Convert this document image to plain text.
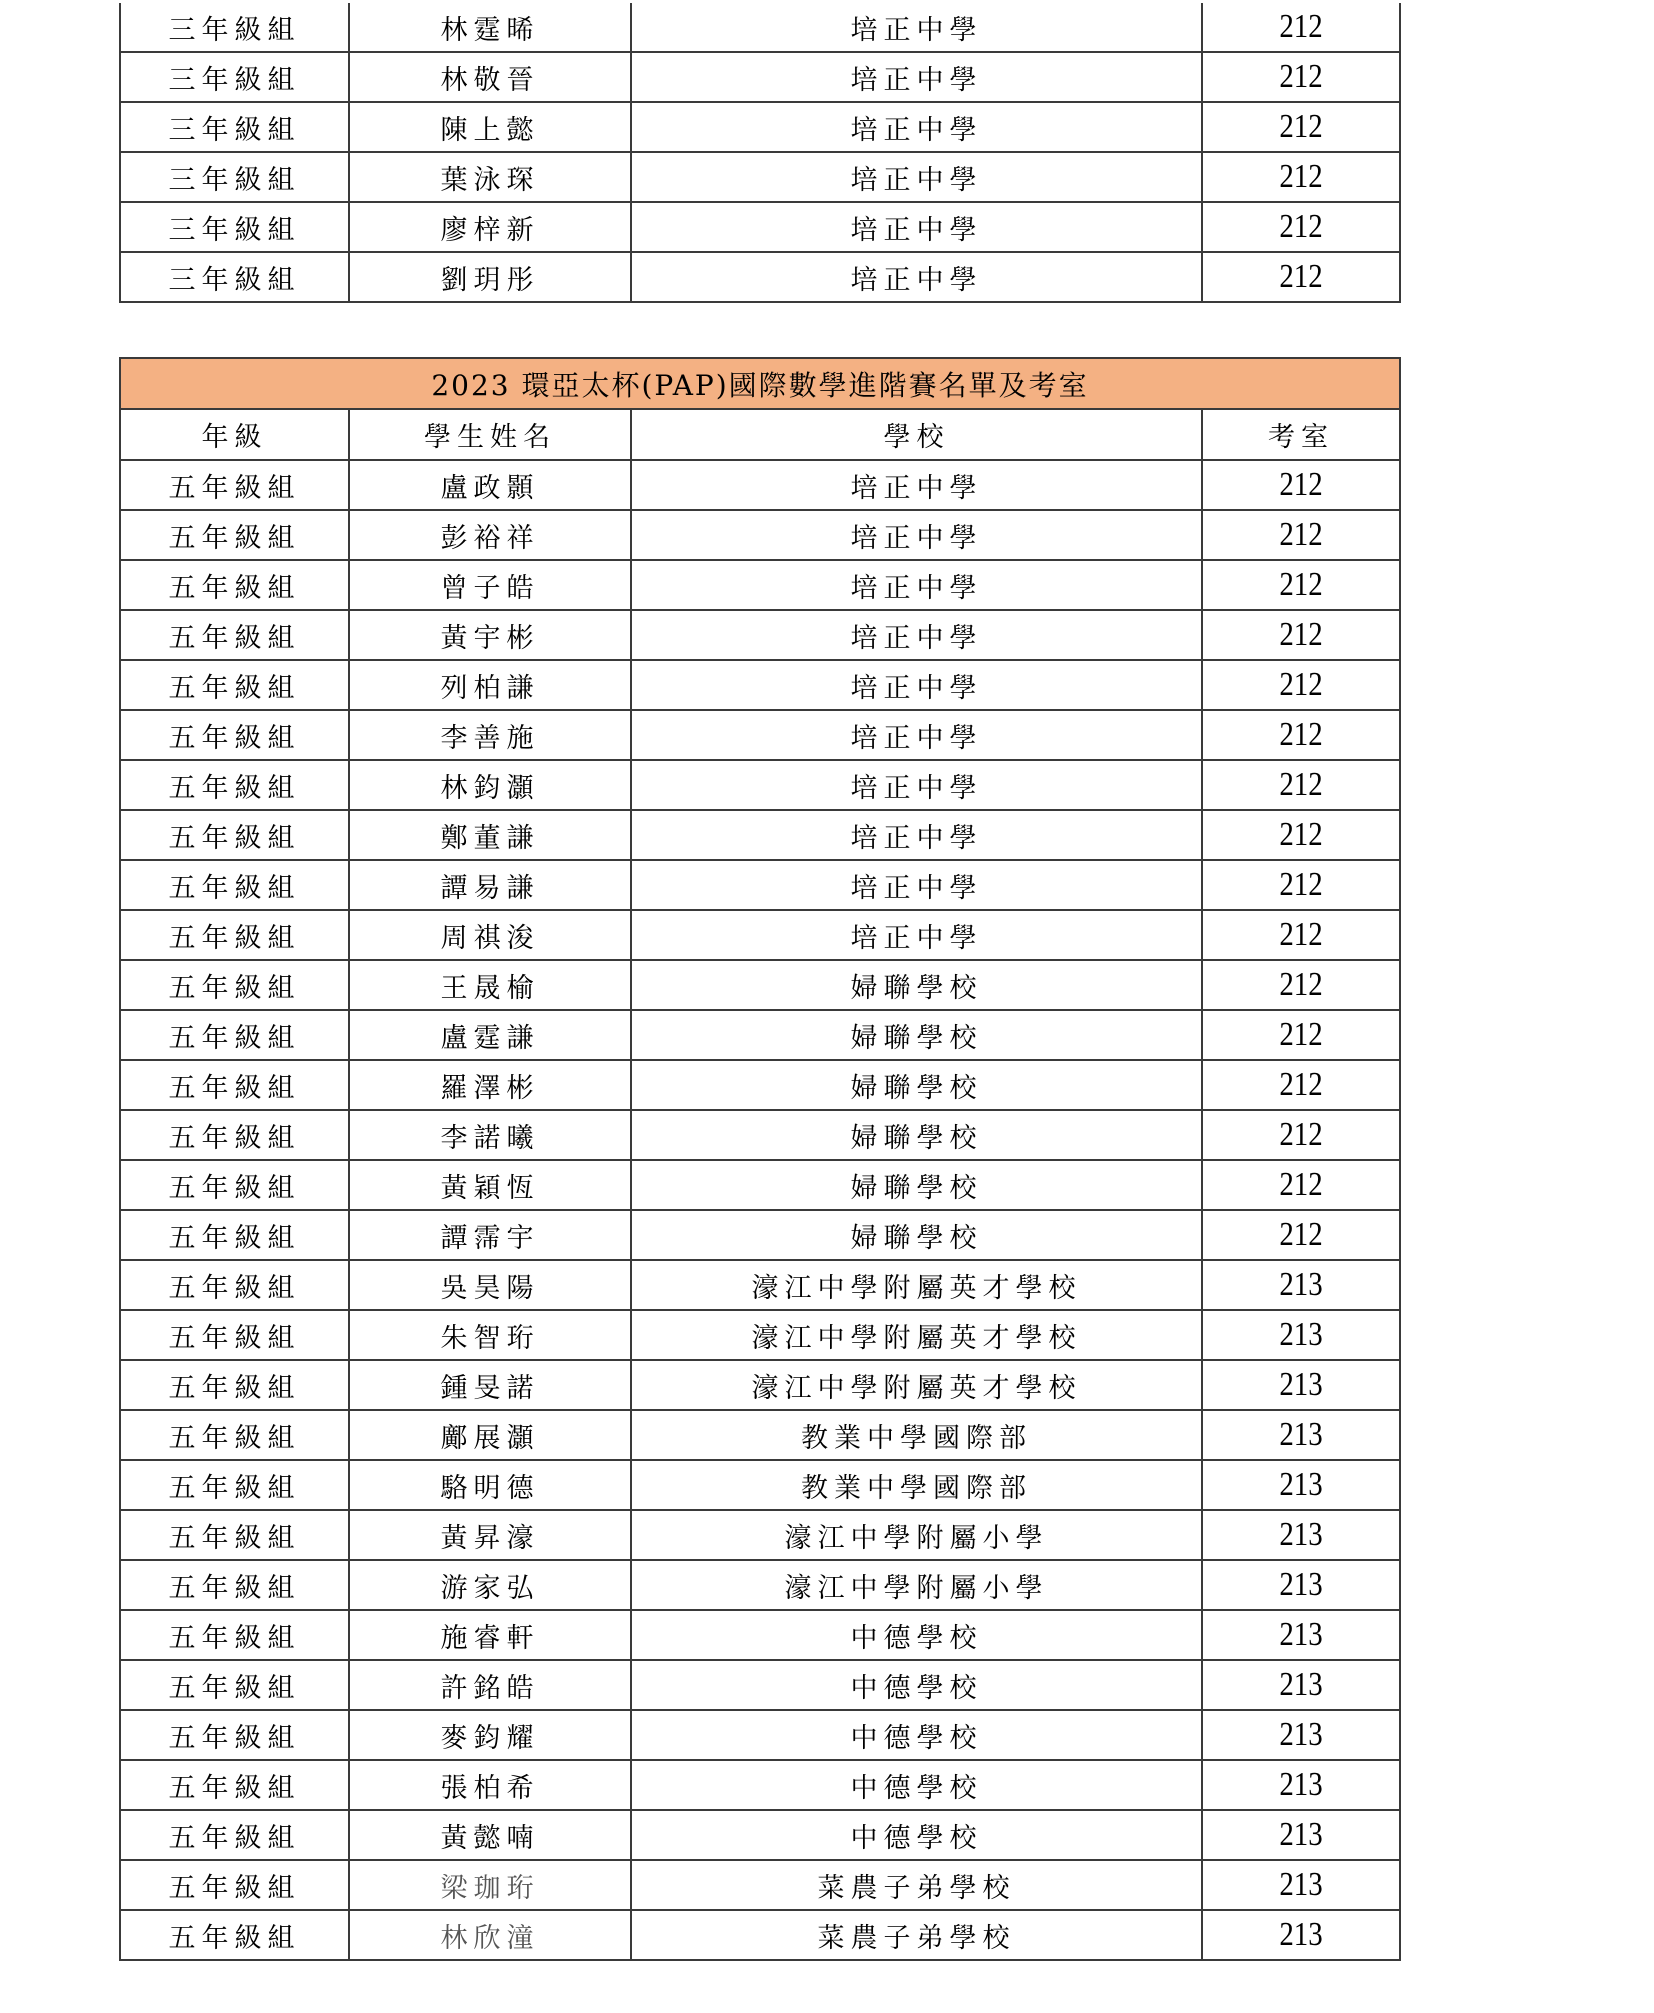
三年級組	林霆晞	培正中學	212
三年級組	林敬晉	培正中學	212
三年級組	陳上懿	培正中學	212
三年級組	葉泳琛	培正中學	212
三年級組	廖梓新	培正中學	212
三年級組	劉玥彤	培正中學	212
2023 環亞太杯(PAP)國際數學進階賽名單及考室			
年級	學生姓名	學校	考室
五年級組	盧政顥	培正中學	212
五年級組	彭裕祥	培正中學	212
五年級組	曾子皓	培正中學	212
五年級組	黃宇彬	培正中學	212
五年級組	列柏謙	培正中學	212
五年級組	李善施	培正中學	212
五年級組	林鈞灝	培正中學	212
五年級組	鄭董謙	培正中學	212
五年級組	譚易謙	培正中學	212
五年級組	周祺浚	培正中學	212
五年級組	王晟榆	婦聯學校	212
五年級組	盧霆謙	婦聯學校	212
五年級組	羅澤彬	婦聯學校	212
五年級組	李諾曦	婦聯學校	212
五年級組	黃穎恆	婦聯學校	212
五年級組	譚霈宇	婦聯學校	212
五年級組	吳昊陽	濠江中學附屬英才學校	213
五年級組	朱智珩	濠江中學附屬英才學校	213
五年級組	鍾旻諾	濠江中學附屬英才學校	213
五年級組	鄺展灝	教業中學國際部	213
五年級組	駱明德	教業中學國際部	213
五年級組	黃昇濠	濠江中學附屬小學	213
五年級組	游家弘	濠江中學附屬小學	213
五年級組	施睿軒	中德學校	213
五年級組	許銘皓	中德學校	213
五年級組	麥鈞耀	中德學校	213
五年級組	張柏希	中德學校	213
五年級組	黃懿喃	中德學校	213
五年級組	梁珈珩	菜農子弟學校	213
五年級組	林欣潼	菜農子弟學校	213
